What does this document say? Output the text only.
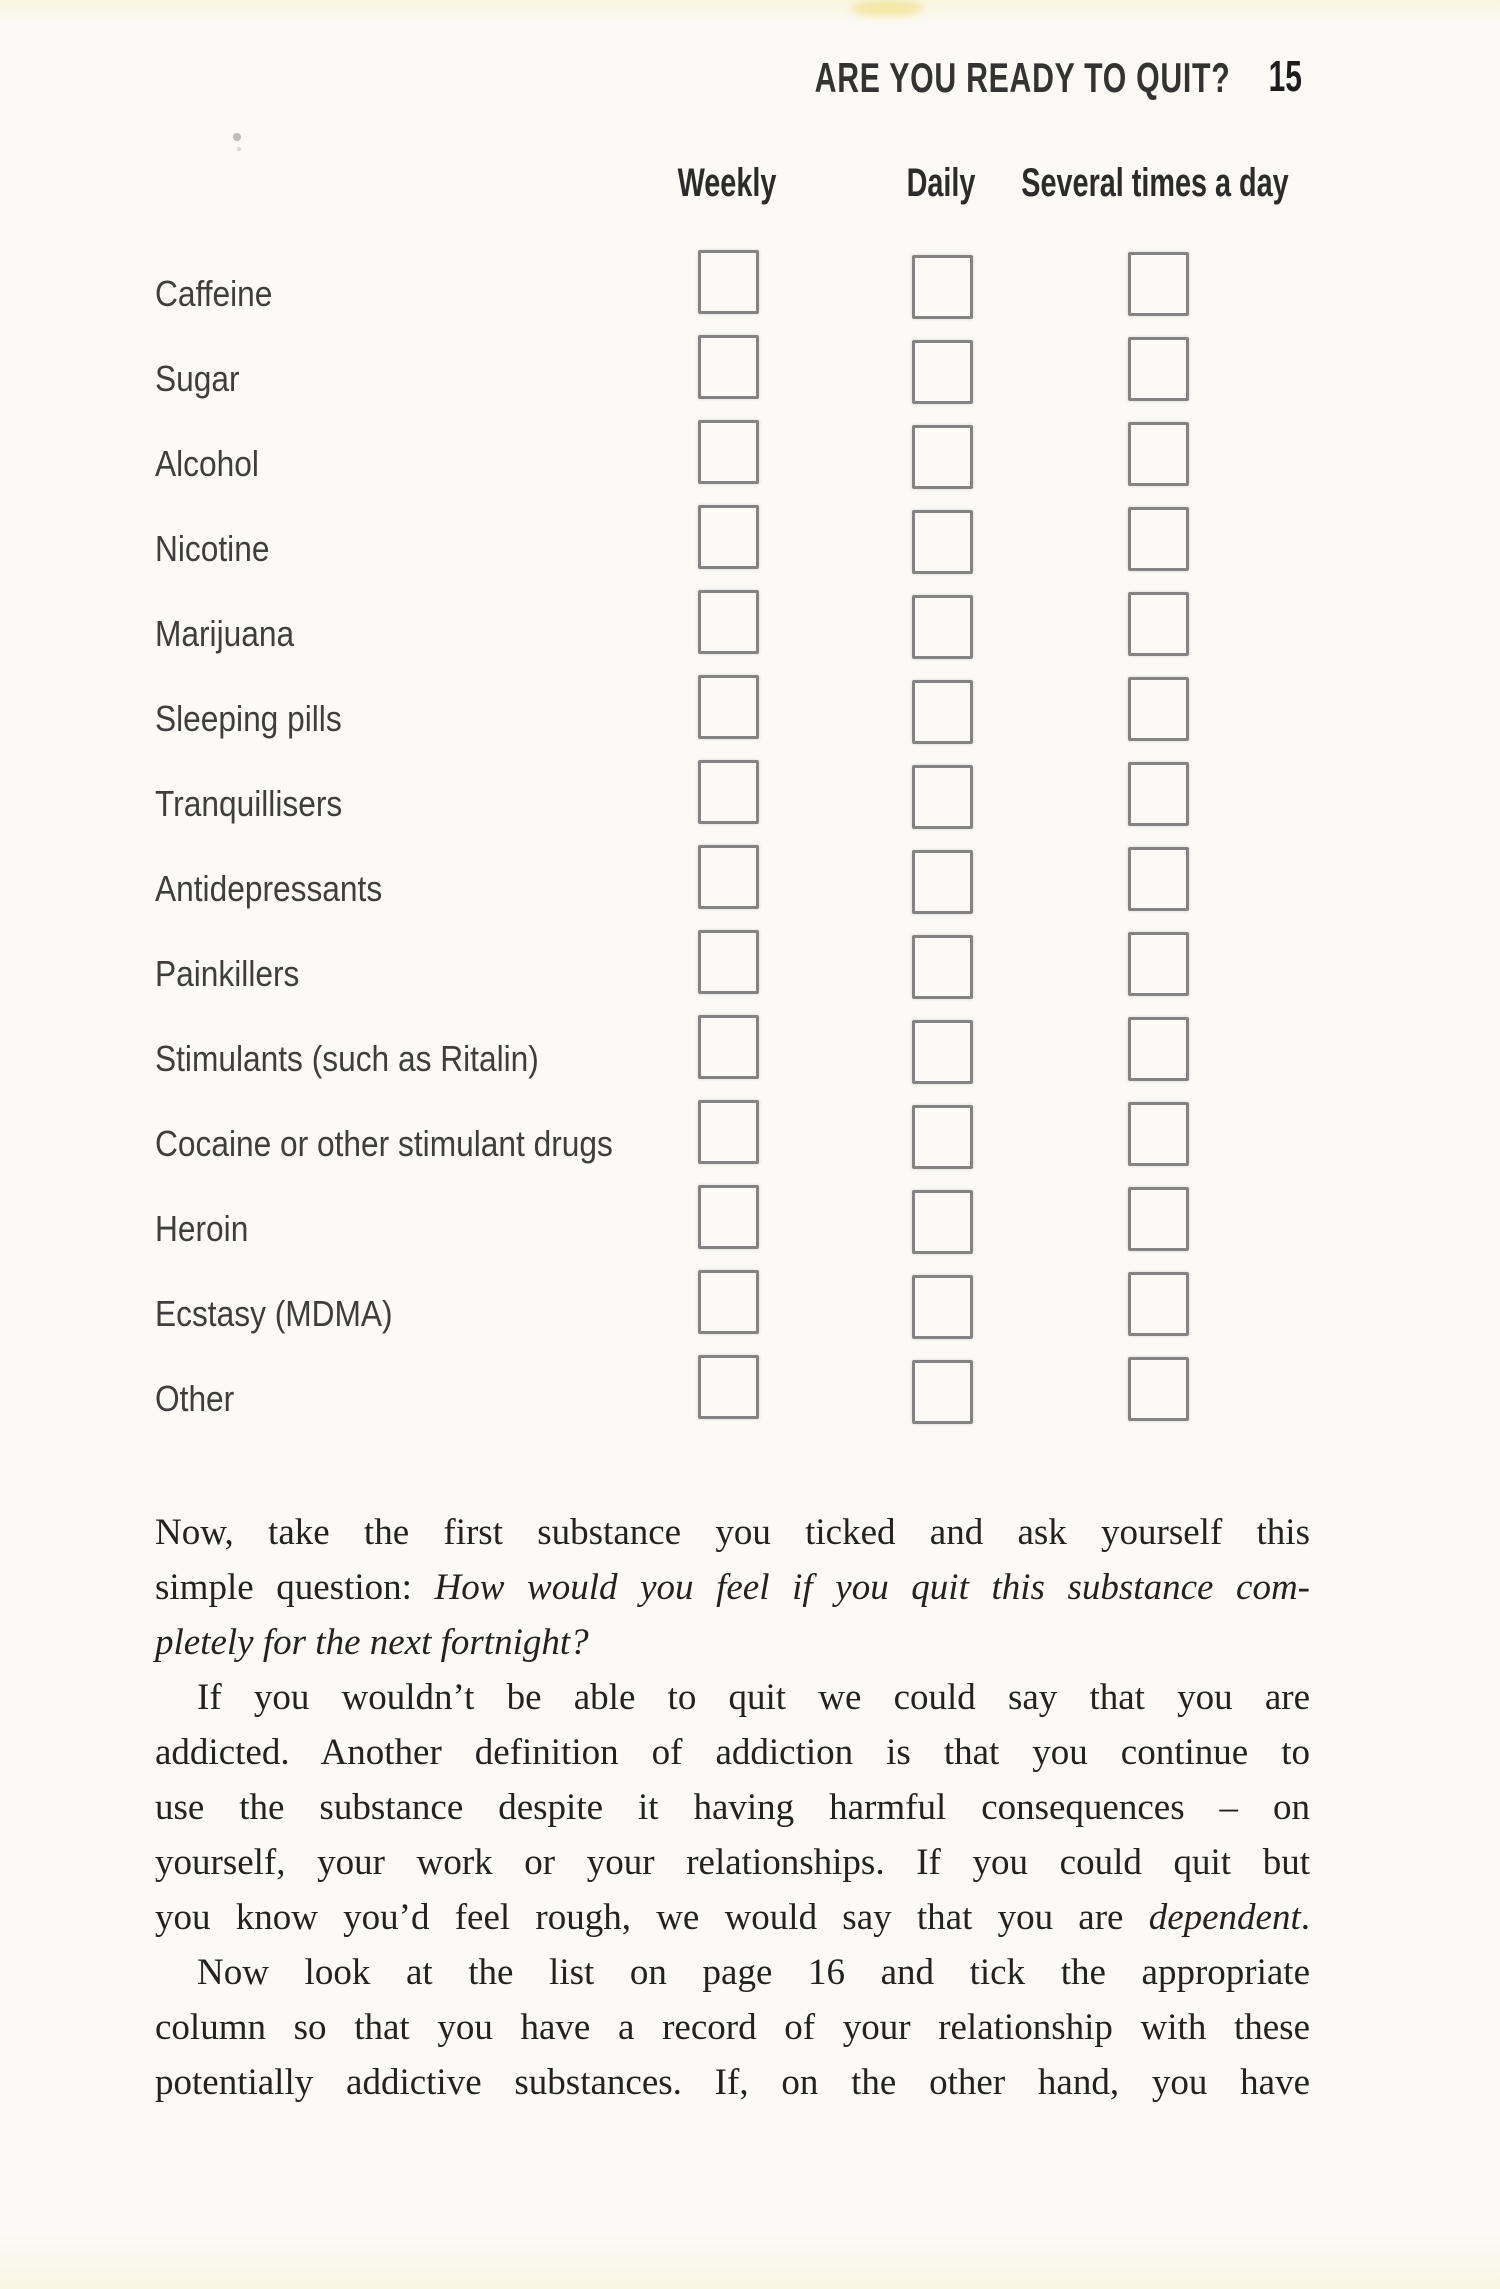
ARE YOU READY TO QUIT? 15
Weekly	Daily Several times a day
Caffeine
Sugar
Alcohol
Nicotine
Marijuana
Sleeping pills
Tranquillisers
Antidepressants
Painkillers
Stimulants (such as Ritalin)
Cocaine or other stimulant drugs
Heroin
Ecstasy (MDMA)
Other
Now, take the first substance you ticked and ask yourself this
simple question: How would you feel if you quit this substance com-
pletely for the next fortnight?
If you wouldn’t be able to quit we could say that you are
addicted. Another definition of addiction is that you continue to
use the substance despite it having harmful consequences – on
yourself, your work or your relationships. If you could quit but
you know you’d feel rough, we would say that you are dependent.
Now look at the list on page 16 and tick the appropriate
column so that you have a record of your relationship with these
potentially addictive substances. If, on the other hand, you have
